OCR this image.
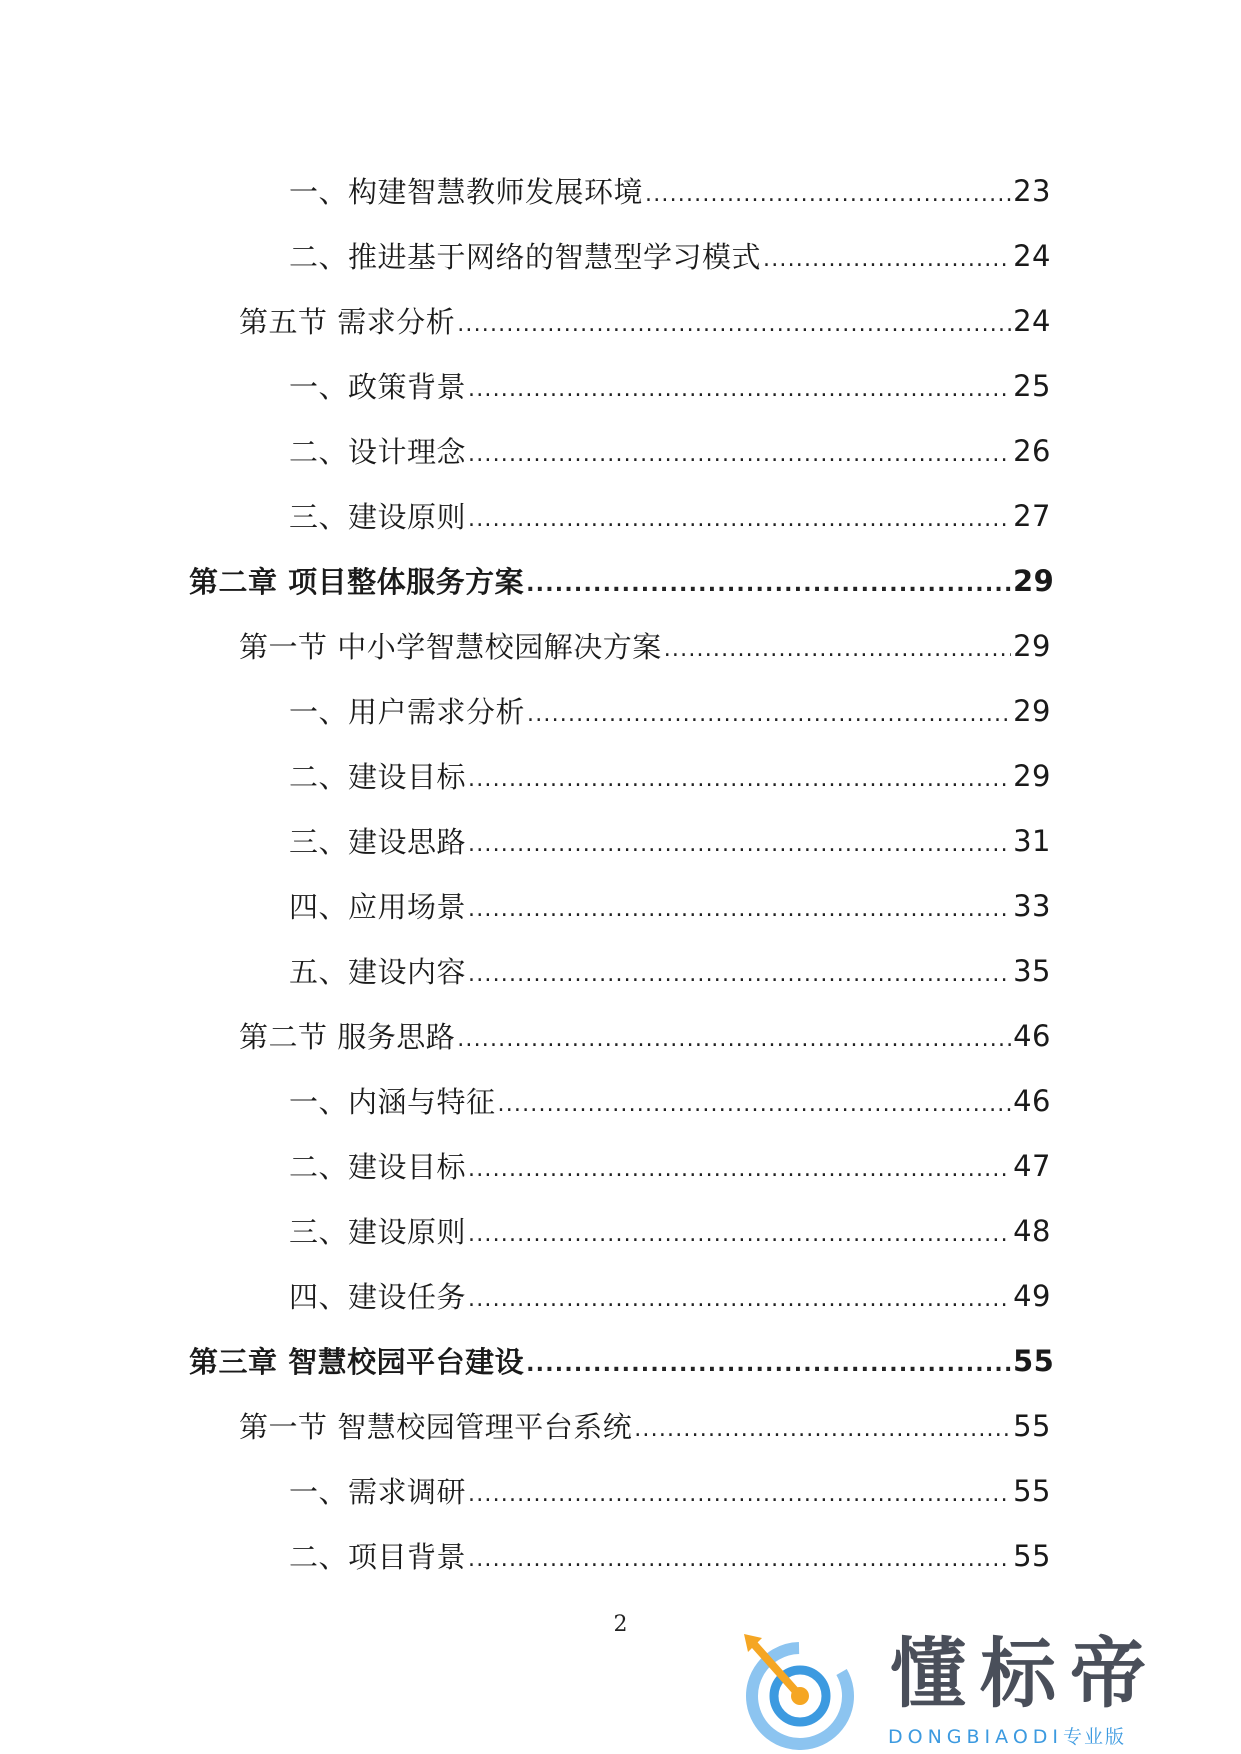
一、构建智慧教师发展环境 .....	23
二、推进基于网络的智慧型学习模式 .....	24
第五节 需求分析 .....	24
一、政策背景 .....	25
二、设计理念 .....	26
三、建设原则 .....	27
第二章 项目整体服务方案 .....	29
第一节 中小学智慧校园解决方案 .....	29
一、用户需求分析 .....	29
二、建设目标 .....	29
三、建设思路 .....	31
四、应用场景 .....	33
五、建设内容 .....	35
第二节 服务思路 .....	46
一、内涵与特征 .....	46
二、建设目标 .....	47
三、建设原则 .....	48
四、建设任务 .....	49
第三章 智慧校园平台建设 .....	55
第一节 智慧校园管理平台系统 .....	55
一、需求调研 .....	55
二、项目背景 .....	55
2
懂标帝
DONGBIAODI专业版
